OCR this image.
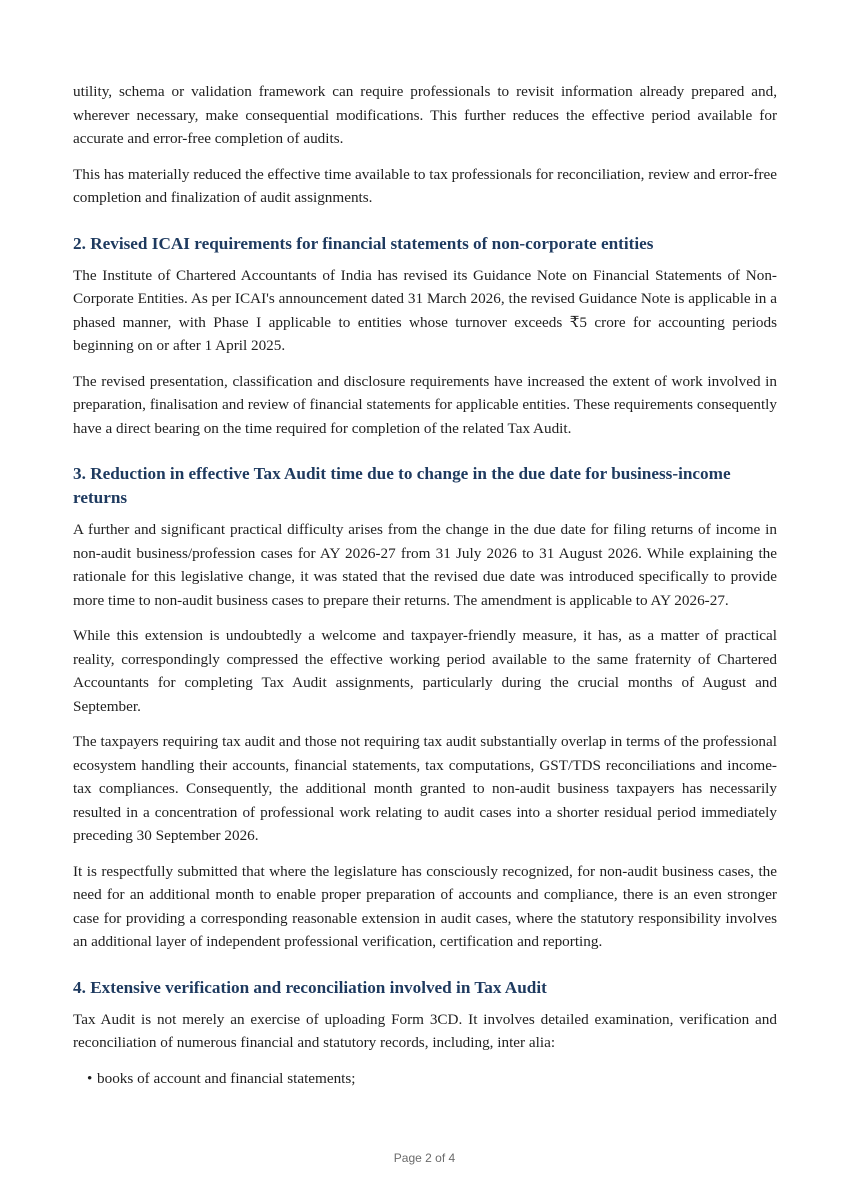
utility, schema or validation framework can require professionals to revisit information already prepared and, wherever necessary, make consequential modifications. This further reduces the effective period available for accurate and error-free completion of audits.

This has materially reduced the effective time available to tax professionals for reconciliation, review and error-free completion and finalization of audit assignments.

2. Revised ICAI requirements for financial statements of non-corporate entities

The Institute of Chartered Accountants of India has revised its Guidance Note on Financial Statements of Non-Corporate Entities. As per ICAI's announcement dated 31 March 2026, the revised Guidance Note is applicable in a phased manner, with Phase I applicable to entities whose turnover exceeds ₹5 crore for accounting periods beginning on or after 1 April 2025.

The revised presentation, classification and disclosure requirements have increased the extent of work involved in preparation, finalisation and review of financial statements for applicable entities. These requirements consequently have a direct bearing on the time required for completion of the related Tax Audit.

3. Reduction in effective Tax Audit time due to change in the due date for business-income returns

A further and significant practical difficulty arises from the change in the due date for filing returns of income in non-audit business/profession cases for AY 2026-27 from 31 July 2026 to 31 August 2026. While explaining the rationale for this legislative change, it was stated that the revised due date was introduced specifically to provide more time to non-audit business cases to prepare their returns. The amendment is applicable to AY 2026-27.

While this extension is undoubtedly a welcome and taxpayer-friendly measure, it has, as a matter of practical reality, correspondingly compressed the effective working period available to the same fraternity of Chartered Accountants for completing Tax Audit assignments, particularly during the crucial months of August and September.

The taxpayers requiring tax audit and those not requiring tax audit substantially overlap in terms of the professional ecosystem handling their accounts, financial statements, tax computations, GST/TDS reconciliations and income-tax compliances. Consequently, the additional month granted to non-audit business taxpayers has necessarily resulted in a concentration of professional work relating to audit cases into a shorter residual period immediately preceding 30 September 2026.

It is respectfully submitted that where the legislature has consciously recognized, for non-audit business cases, the need for an additional month to enable proper preparation of accounts and compliance, there is an even stronger case for providing a corresponding reasonable extension in audit cases, where the statutory responsibility involves an additional layer of independent professional verification, certification and reporting.

4. Extensive verification and reconciliation involved in Tax Audit

Tax Audit is not merely an exercise of uploading Form 3CD. It involves detailed examination, verification and reconciliation of numerous financial and statutory records, including, inter alia:

• books of account and financial statements;
Page 2 of 4
